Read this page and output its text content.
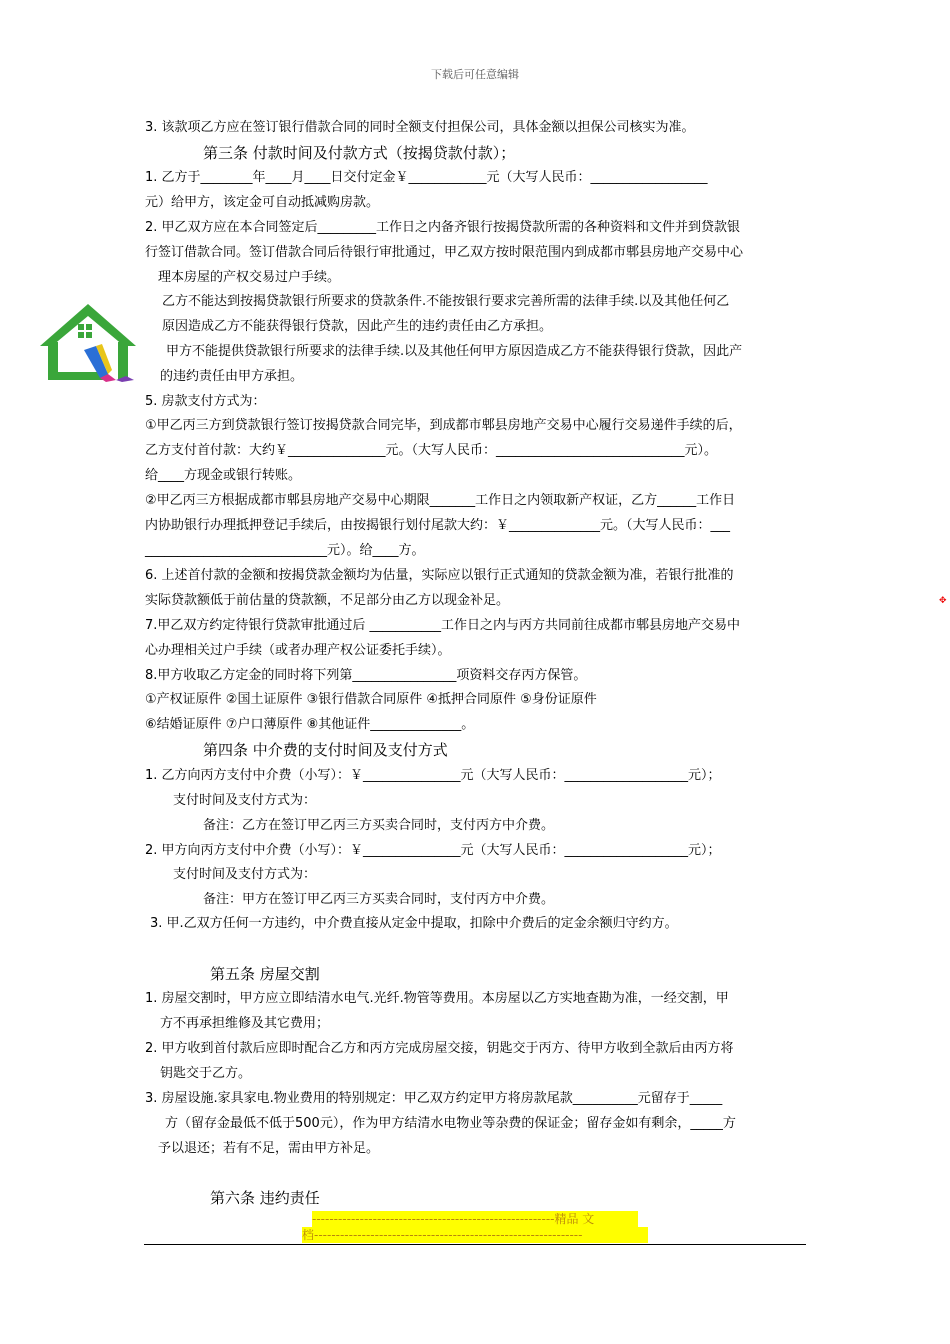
下载后可任意编辑
3. 该款项乙方应在签订银行借款合同的同时全额支付担保公司，具体金额以担保公司核实为准。
第三条 付款时间及付款方式（按揭贷款付款）；
1. 乙方于________年____月____日交付定金￥____________元（大写人民币：__________________
元）给甲方，该定金可自动抵减购房款。
2. 甲乙双方应在本合同签定后_________工作日之内备齐银行按揭贷款所需的各种资料和文件并到贷款银
行签订借款合同。签订借款合同后待银行审批通过，甲乙双方按时限范围内到成都市郫县房地产交易中心
理本房屋的产权交易过户手续。
乙方不能达到按揭贷款银行所要求的贷款条件.不能按银行要求完善所需的法律手续.以及其他任何乙
原因造成乙方不能获得银行贷款，因此产生的违约责任由乙方承担。
甲方不能提供贷款银行所要求的法律手续.以及其他任何甲方原因造成乙方不能获得银行贷款，因此产
的违约责任由甲方承担。
5. 房款支付方式为：
①甲乙丙三方到贷款银行签订按揭贷款合同完毕，到成都市郫县房地产交易中心履行交易递件手续的后，
乙方支付首付款：大约￥_______________元。（大写人民币：_____________________________元）。
给____方现金或银行转账。
②甲乙丙三方根据成都市郫县房地产交易中心期限_______工作日之内领取新产权证，乙方______工作日
内协助银行办理抵押登记手续后，由按揭银行划付尾款大约：￥______________元。（大写人民币：___
____________________________元）。给____方。
6. 上述首付款的金额和按揭贷款金额均为估量，实际应以银行正式通知的贷款金额为准，若银行批准的
实际贷款额低于前估量的贷款额，不足部分由乙方以现金补足。	✥
7.甲乙双方约定待银行贷款审批通过后 ___________工作日之内与丙方共同前往成都市郫县房地产交易中
心办理相关过户手续（或者办理产权公证委托手续）。
8.甲方收取乙方定金的同时将下列第________________项资料交存丙方保管。
①产权证原件 ②国土证原件 ③银行借款合同原件 ④抵押合同原件 ⑤身份证原件
⑥结婚证原件 ⑦户口薄原件 ⑧其他证件______________。
第四条 中介费的支付时间及支付方式
1. 乙方向丙方支付中介费（小写）：￥_______________元（大写人民币：___________________元）；
支付时间及支付方式为：
备注：乙方在签订甲乙丙三方买卖合同时，支付丙方中介费。
2. 甲方向丙方支付中介费（小写）：￥_______________元（大写人民币：___________________元）；
支付时间及支付方式为：
备注：甲方在签订甲乙丙三方买卖合同时，支付丙方中介费。
3. 甲.乙双方任何一方违约，中介费直接从定金中提取，扣除中介费后的定金余额归守约方。
第五条 房屋交割
1. 房屋交割时，甲方应立即结清水电气.光纤.物管等费用。本房屋以乙方实地查勘为准，一经交割，甲
方不再承担维修及其它费用；
2. 甲方收到首付款后应即时配合乙方和丙方完成房屋交接，钥匙交于丙方、待甲方收到全款后由丙方将
钥匙交于乙方。
3. 房屋设施.家具家电.物业费用的特别规定：甲乙双方约定甲方将房款尾款__________元留存于_____
方（留存金最低不低于500元），作为甲方结清水电物业等杂费的保证金；留存金如有剩余，_____方
予以退还；若有不足，需由甲方补足。
第六条 违约责任
--------------------------------------------------------精品 文
档--------------------------------------------------------------
